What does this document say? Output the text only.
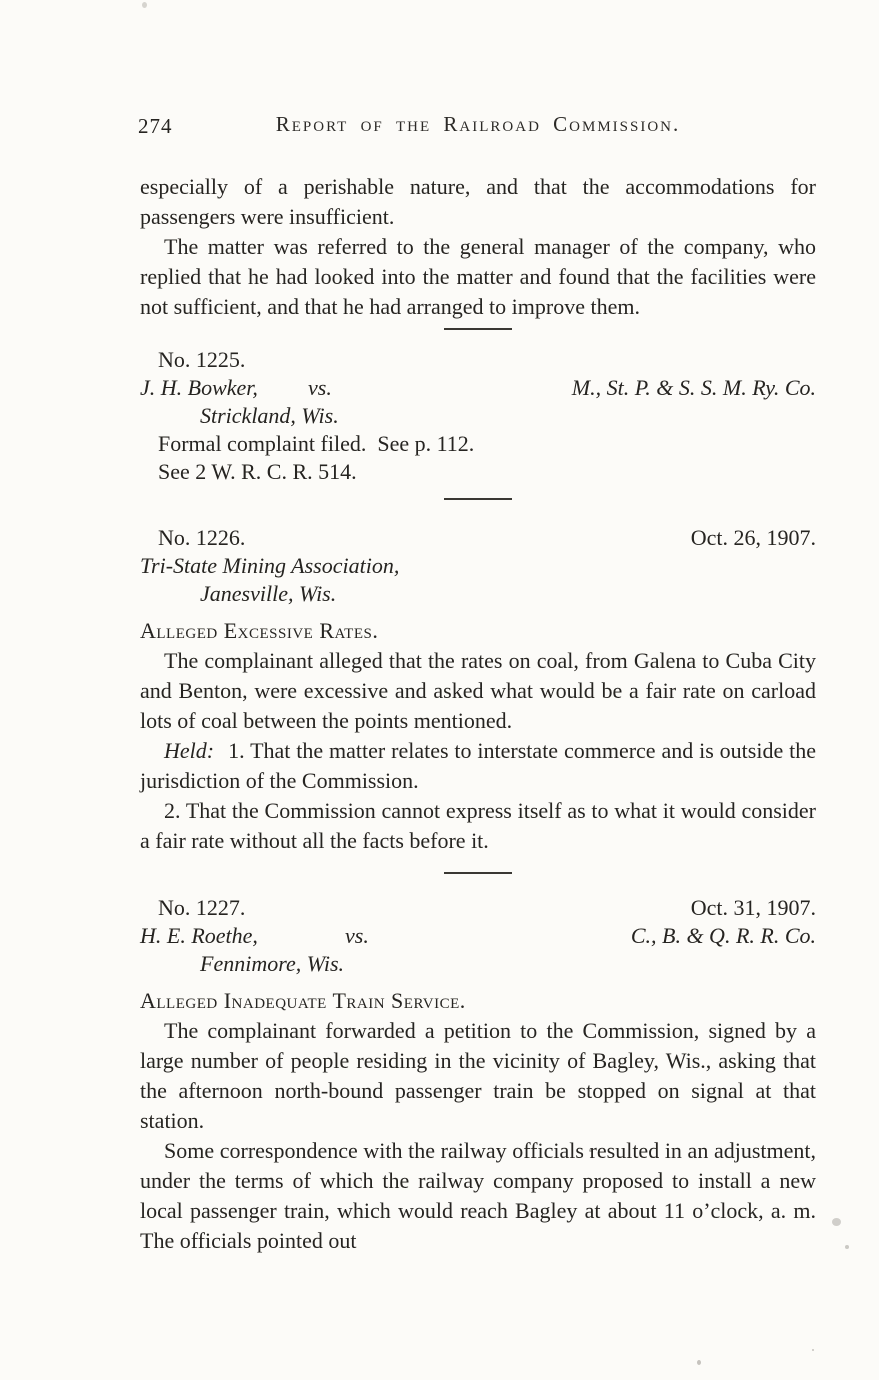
274	Report of the Railroad Commission.

especially of a perishable nature, and that the accommodations for passengers were insufficient.

The matter was referred to the general manager of the company, who replied that he had looked into the matter and found that the facilities were not sufficient, and that he had arranged to improve them.

No. 1225.
J. H. Bowker, vs.	M., St. P. & S. S. M. Ry. Co.
Strickland, Wis.
Formal complaint filed.  See p. 112.
See 2 W. R. C. R. 514.
No. 1226.	Oct. 26, 1907.
Tri-State Mining Association,
Janesville, Wis.
Alleged Excessive Rates.

The complainant alleged that the rates on coal, from Galena to Cuba City and Benton, were excessive and asked what would be a fair rate on carload lots of coal between the points mentioned.

Held: 1. That the matter relates to interstate commerce and is outside the jurisdiction of the Commission.

2. That the Commission cannot express itself as to what it would consider a fair rate without all the facts before it.

No. 1227.	Oct. 31, 1907.
H. E. Roethe,	vs.	C., B. & Q. R. R. Co.
Fennimore, Wis.
Alleged Inadequate Train Service.

The complainant forwarded a petition to the Commission, signed by a large number of people residing in the vicinity of Bagley, Wis., asking that the afternoon north-bound passenger train be stopped on signal at that station.

Some correspondence with the railway officials resulted in an adjustment, under the terms of which the railway company proposed to install a new local passenger train, which would reach Bagley at about 11 o’clock, a. m. The officials pointed out
